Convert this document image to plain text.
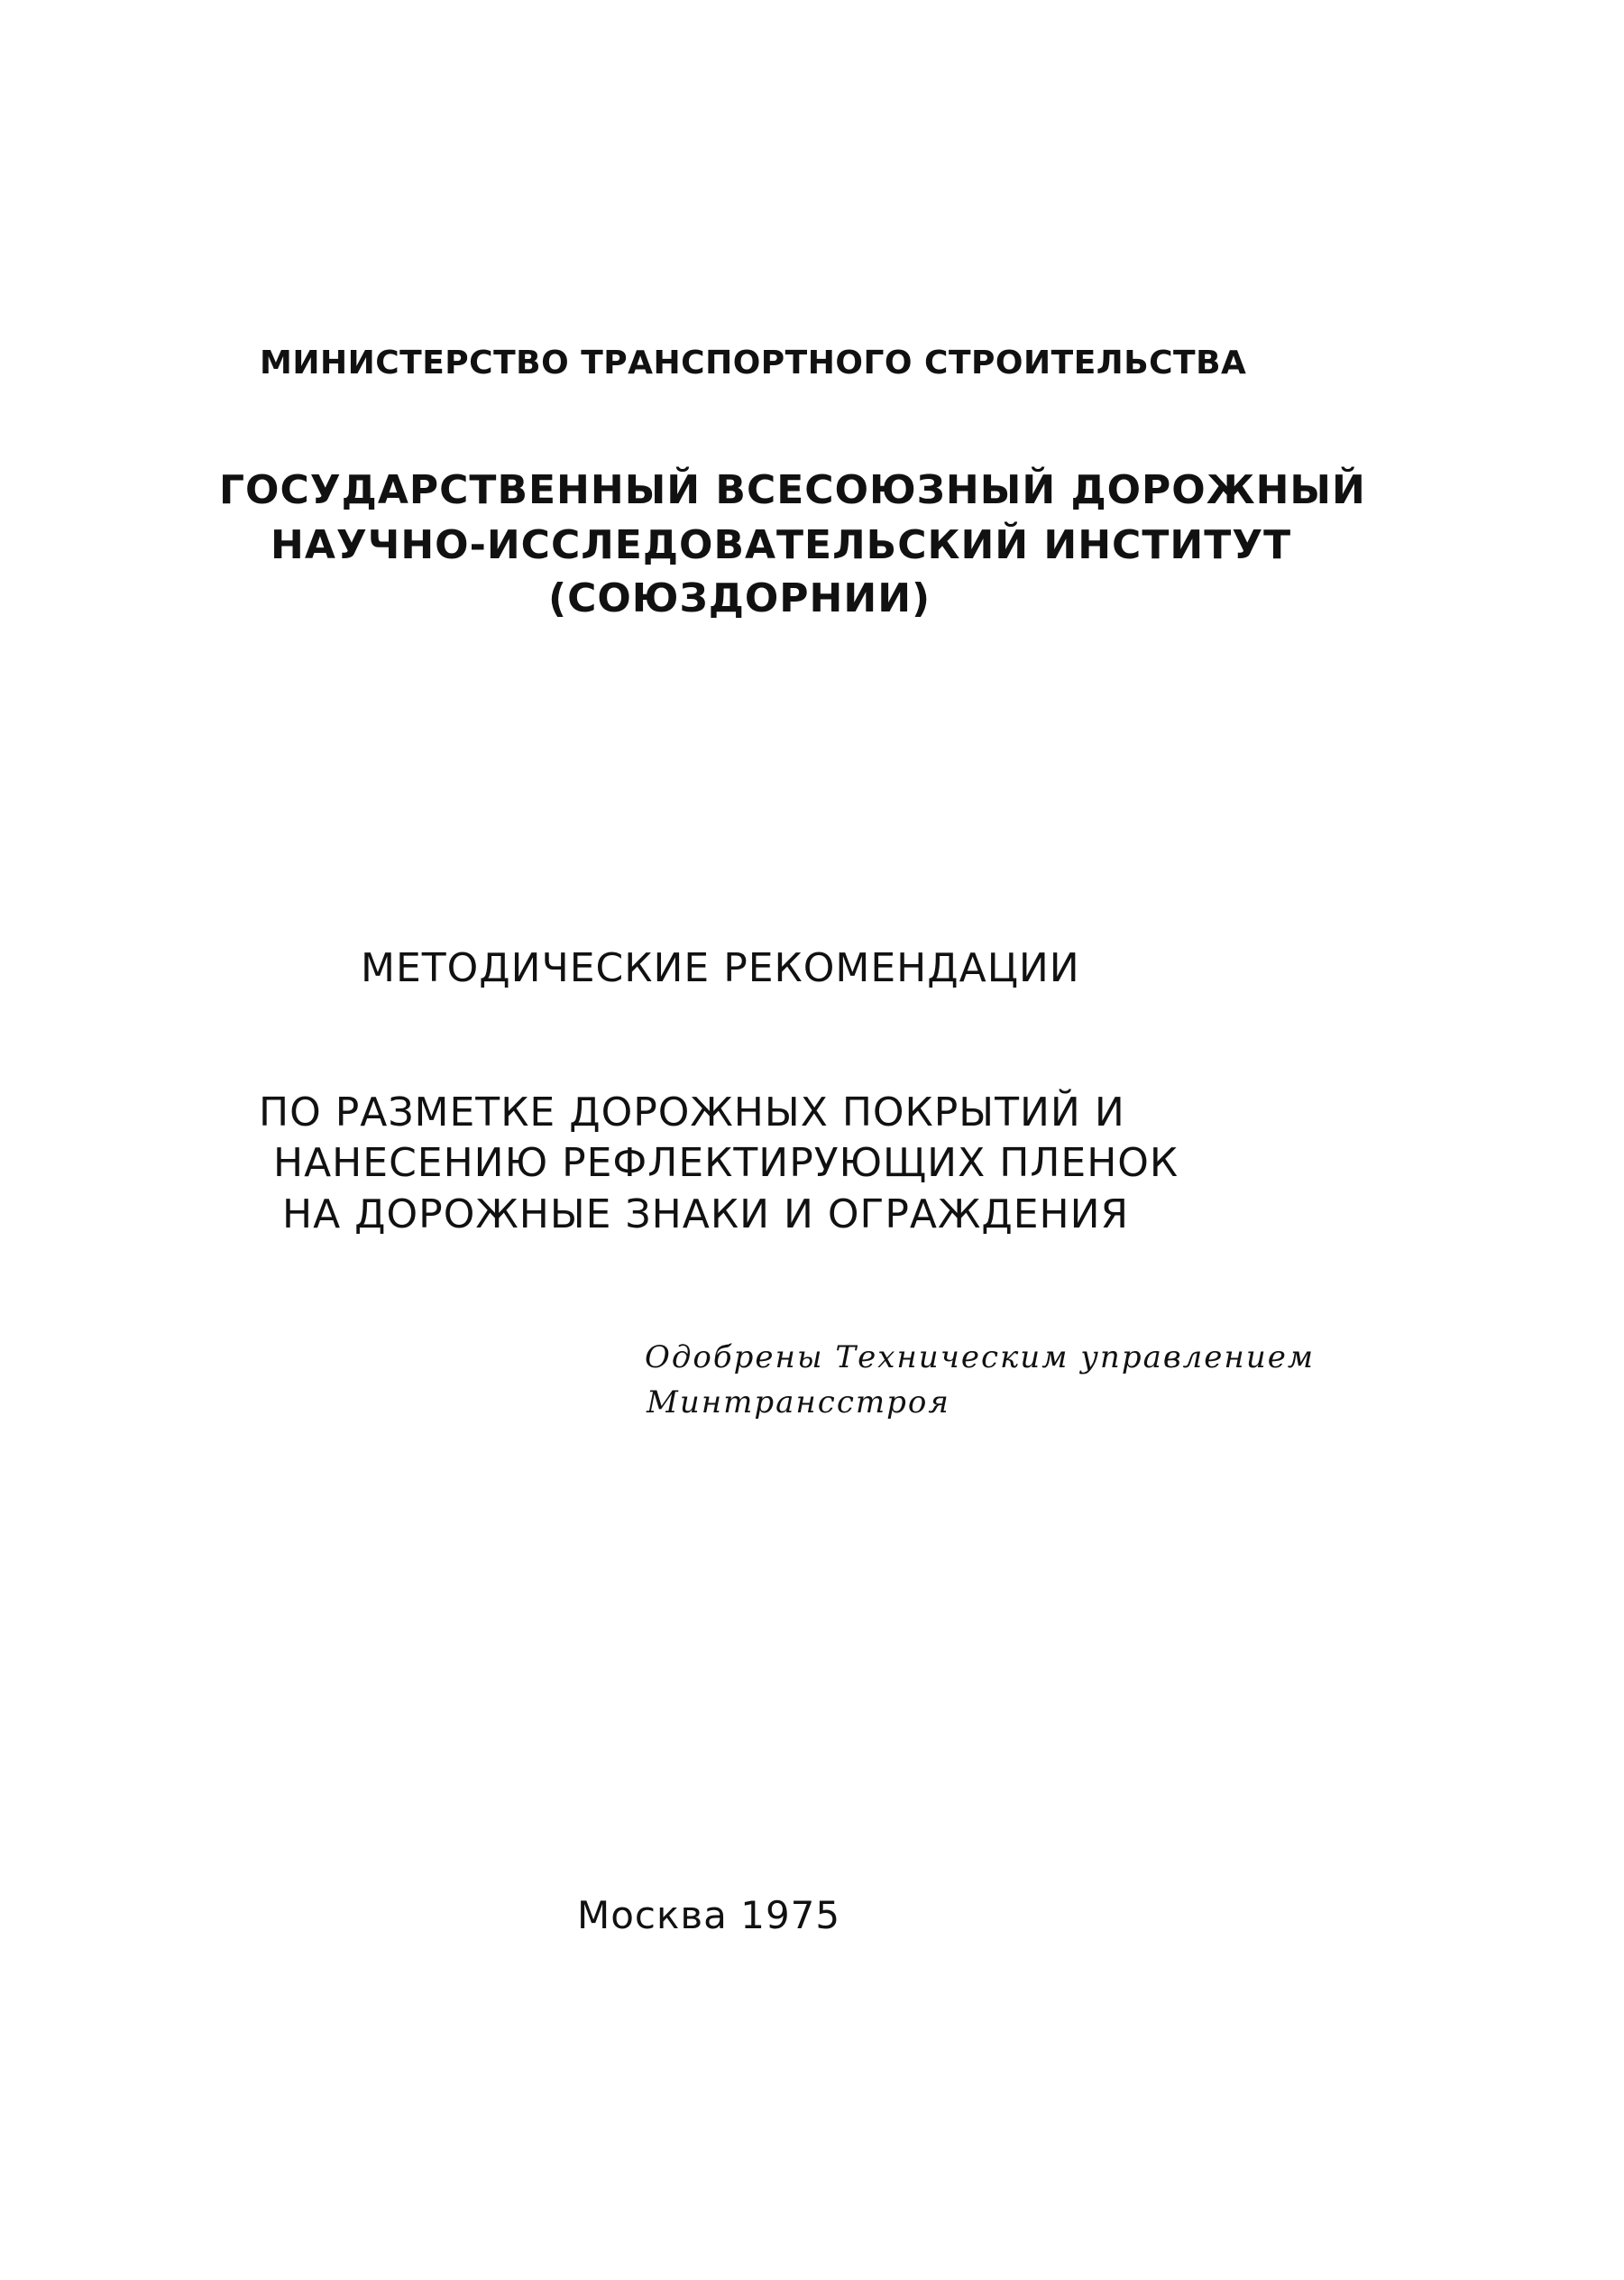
МИНИСТЕРСТВО ТРАНСПОРТНОГО СТРОИТЕЛЬСТВА
ГОСУДАРСТВЕННЫЙ ВСЕСОЮЗНЫЙ ДОРОЖНЫЙ
НАУЧНО-ИССЛЕДОВАТЕЛЬСКИЙ ИНСТИТУТ
(СОЮЗДОРНИИ)
МЕТОДИЧЕСКИЕ РЕКОМЕНДАЦИИ
ПО РАЗМЕТКЕ ДОРОЖНЫХ ПОКРЫТИЙ И
НАНЕСЕНИЮ РЕФЛЕКТИРУЮЩИХ ПЛЕНОК
НА ДОРОЖНЫЕ ЗНАКИ И ОГРАЖДЕНИЯ
Одобрены Техническим управлением
Минтрансстроя
Москва 1975
